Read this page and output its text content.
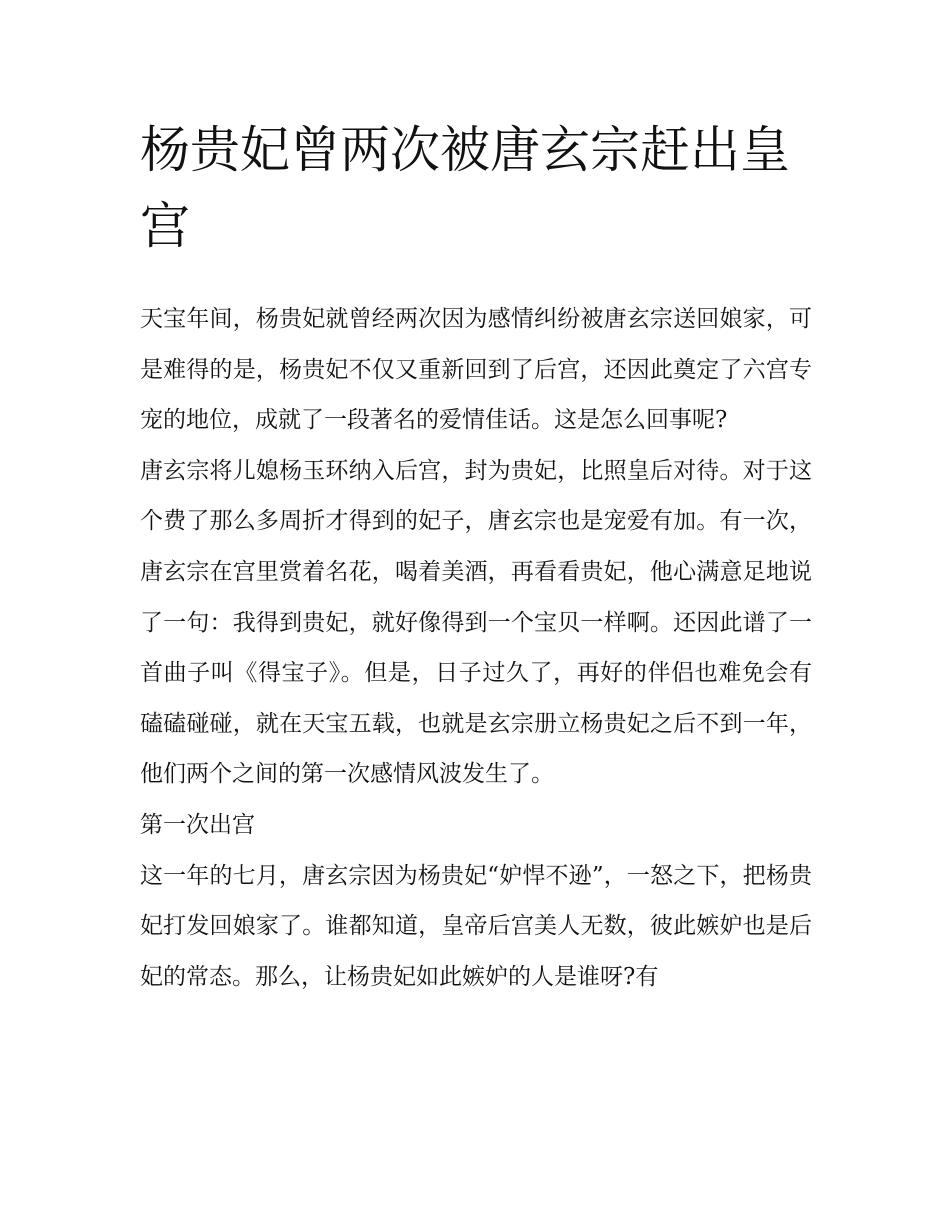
杨贵妃曾两次被唐玄宗赶出皇宫

天宝年间，杨贵妃就曾经两次因为感情纠纷被唐玄宗送回娘家，可是难得的是，杨贵妃不仅又重新回到了后宫，还因此奠定了六宫专宠的地位，成就了一段著名的爱情佳话。这是怎么回事呢?

唐玄宗将儿媳杨玉环纳入后宫，封为贵妃，比照皇后对待。对于这个费了那么多周折才得到的妃子，唐玄宗也是宠爱有加。有一次，唐玄宗在宫里赏着名花，喝着美酒，再看看贵妃，他心满意足地说了一句：我得到贵妃，就好像得到一个宝贝一样啊。还因此谱了一首曲子叫《得宝子》。但是，日子过久了，再好的伴侣也难免会有磕磕碰碰，就在天宝五载，也就是玄宗册立杨贵妃之后不到一年，他们两个之间的第一次感情风波发生了。

第一次出宫

这一年的七月，唐玄宗因为杨贵妃“妒悍不逊”，一怒之下，把杨贵妃打发回娘家了。谁都知道，皇帝后宫美人无数，彼此嫉妒也是后妃的常态。那么，让杨贵妃如此嫉妒的人是谁呀?有
